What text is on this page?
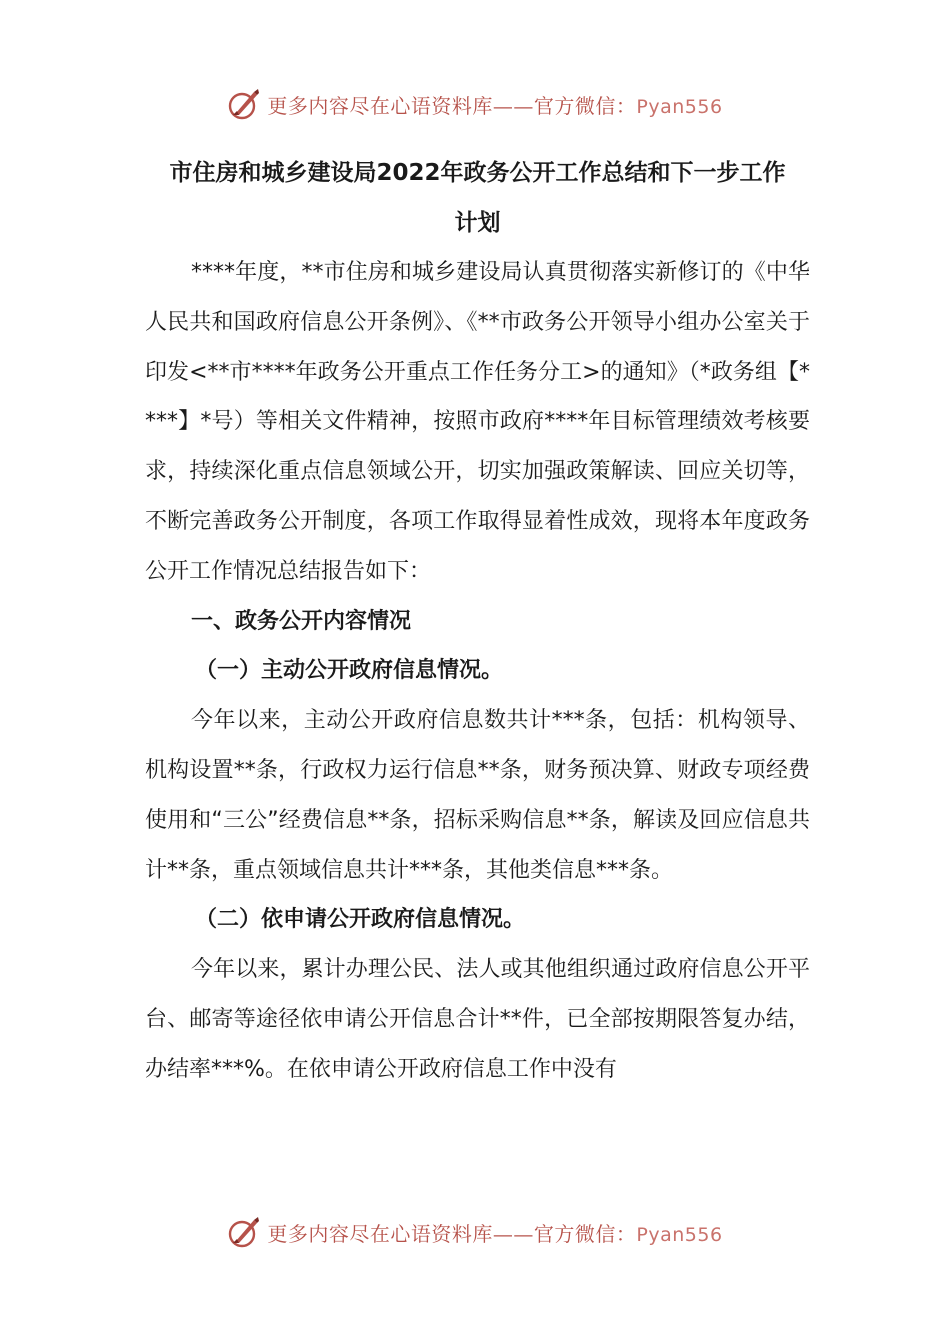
更多内容尽在心语资料库——官方微信：Pyan556

市住房和城乡建设局2022年政务公开工作总结和下一步工作

计划

****年度，**市住房和城乡建设局认真贯彻落实新修订的《中华人民共和国政府信息公开条例》、《**市政务公开领导小组办公室关于印发<**市****年政务公开重点工作任务分工>的通知》（*政务组【****】*号）等相关文件精神，按照市政府****年目标管理绩效考核要求，持续深化重点信息领域公开，切实加强政策解读、回应关切等，不断完善政务公开制度，各项工作取得显着性成效，现将本年度政务公开工作情况总结报告如下：

一、政务公开内容情况

（一）主动公开政府信息情况。

今年以来，主动公开政府信息数共计***条，包括：机构领导、机构设置**条，行政权力运行信息**条，财务预决算、财政专项经费使用和“三公”经费信息**条，招标采购信息**条，解读及回应信息共计**条，重点领域信息共计***条，其他类信息***条。

（二）依申请公开政府信息情况。

今年以来，累计办理公民、法人或其他组织通过政府信息公开平台、邮寄等途径依申请公开信息合计**件，已全部按期限答复办结，办结率***%。在依申请公开政府信息工作中没有

更多内容尽在心语资料库——官方微信：Pyan556
